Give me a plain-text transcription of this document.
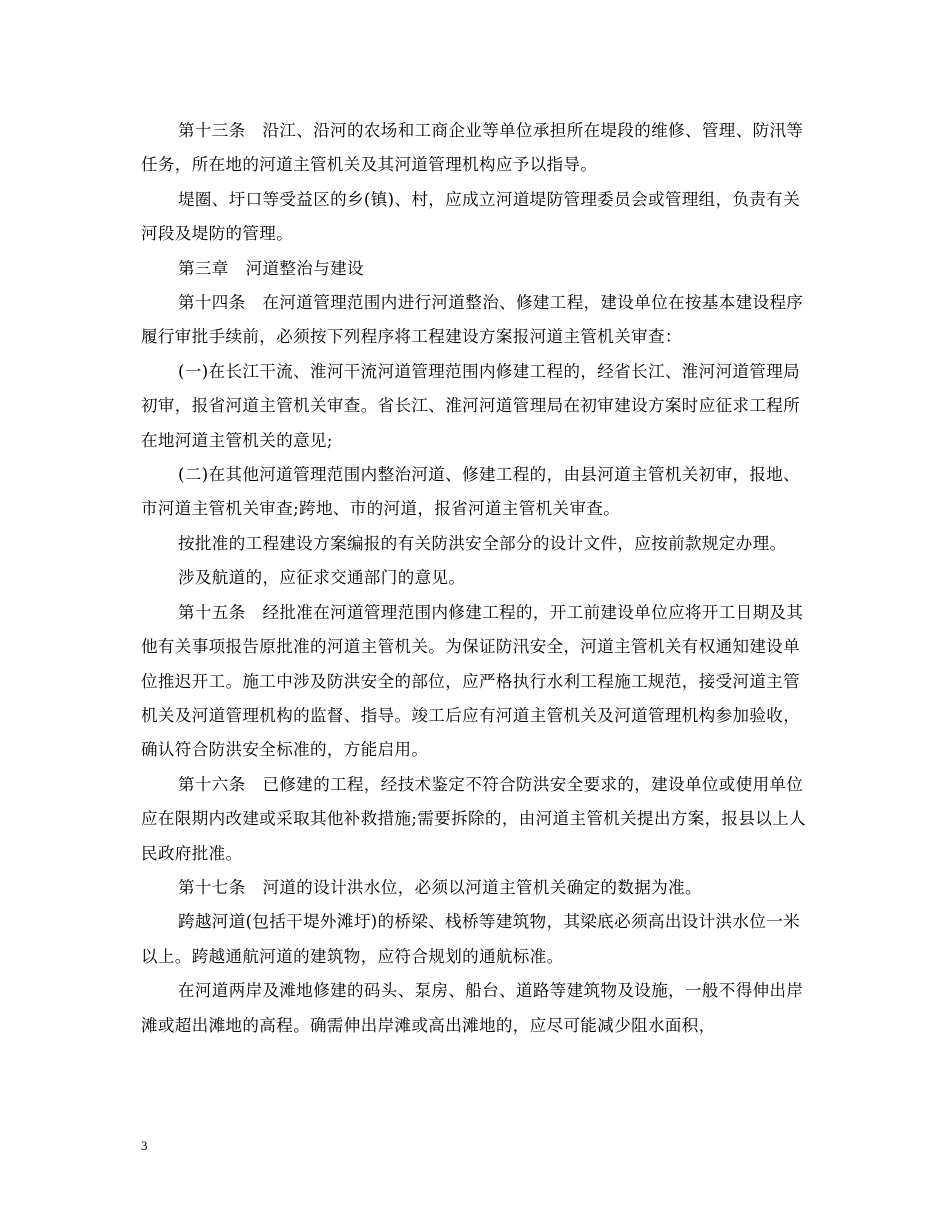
第十三条　沿江、沿河的农场和工商企业等单位承担所在堤段的维修、管理、防汛等任务，所在地的河道主管机关及其河道管理机构应予以指导。

堤圈、圩口等受益区的乡(镇)、村，应成立河道堤防管理委员会或管理组，负责有关河段及堤防的管理。

第三章　河道整治与建设

第十四条　在河道管理范围内进行河道整治、修建工程，建设单位在按基本建设程序履行审批手续前，必须按下列程序将工程建设方案报河道主管机关审查：

(一)在长江干流、淮河干流河道管理范围内修建工程的，经省长江、淮河河道管理局初审，报省河道主管机关审查。省长江、淮河河道管理局在初审建设方案时应征求工程所在地河道主管机关的意见;

(二)在其他河道管理范围内整治河道、修建工程的，由县河道主管机关初审，报地、市河道主管机关审查;跨地、市的河道，报省河道主管机关审查。

按批准的工程建设方案编报的有关防洪安全部分的设计文件，应按前款规定办理。

涉及航道的，应征求交通部门的意见。

第十五条　经批准在河道管理范围内修建工程的，开工前建设单位应将开工日期及其他有关事项报告原批准的河道主管机关。为保证防汛安全，河道主管机关有权通知建设单位推迟开工。施工中涉及防洪安全的部位，应严格执行水利工程施工规范，接受河道主管机关及河道管理机构的监督、指导。竣工后应有河道主管机关及河道管理机构参加验收，确认符合防洪安全标准的，方能启用。

第十六条　已修建的工程，经技术鉴定不符合防洪安全要求的，建设单位或使用单位应在限期内改建或采取其他补救措施;需要拆除的，由河道主管机关提出方案，报县以上人民政府批准。

第十七条　河道的设计洪水位，必须以河道主管机关确定的数据为准。

跨越河道(包括干堤外滩圩)的桥梁、栈桥等建筑物，其梁底必须高出设计洪水位一米以上。跨越通航河道的建筑物，应符合规划的通航标准。

在河道两岸及滩地修建的码头、泵房、船台、道路等建筑物及设施，一般不得伸出岸滩或超出滩地的高程。确需伸出岸滩或高出滩地的，应尽可能减少阻水面积，

3
